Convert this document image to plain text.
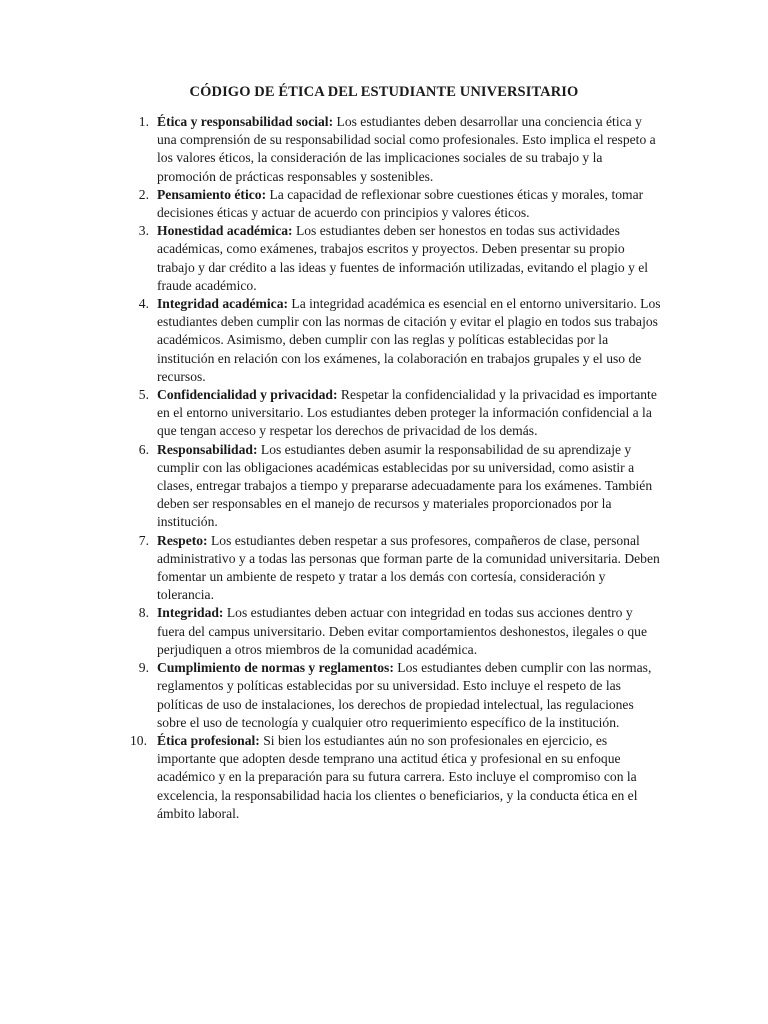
CÓDIGO DE ÉTICA DEL ESTUDIANTE UNIVERSITARIO
1. Ética y responsabilidad social: Los estudiantes deben desarrollar una conciencia ética y una comprensión de su responsabilidad social como profesionales. Esto implica el respeto a los valores éticos, la consideración de las implicaciones sociales de su trabajo y la promoción de prácticas responsables y sostenibles.
2. Pensamiento ético: La capacidad de reflexionar sobre cuestiones éticas y morales, tomar decisiones éticas y actuar de acuerdo con principios y valores éticos.
3. Honestidad académica: Los estudiantes deben ser honestos en todas sus actividades académicas, como exámenes, trabajos escritos y proyectos. Deben presentar su propio trabajo y dar crédito a las ideas y fuentes de información utilizadas, evitando el plagio y el fraude académico.
4. Integridad académica: La integridad académica es esencial en el entorno universitario. Los estudiantes deben cumplir con las normas de citación y evitar el plagio en todos sus trabajos académicos. Asimismo, deben cumplir con las reglas y políticas establecidas por la institución en relación con los exámenes, la colaboración en trabajos grupales y el uso de recursos.
5. Confidencialidad y privacidad: Respetar la confidencialidad y la privacidad es importante en el entorno universitario. Los estudiantes deben proteger la información confidencial a la que tengan acceso y respetar los derechos de privacidad de los demás.
6. Responsabilidad: Los estudiantes deben asumir la responsabilidad de su aprendizaje y cumplir con las obligaciones académicas establecidas por su universidad, como asistir a clases, entregar trabajos a tiempo y prepararse adecuadamente para los exámenes. También deben ser responsables en el manejo de recursos y materiales proporcionados por la institución.
7. Respeto: Los estudiantes deben respetar a sus profesores, compañeros de clase, personal administrativo y a todas las personas que forman parte de la comunidad universitaria. Deben fomentar un ambiente de respeto y tratar a los demás con cortesía, consideración y tolerancia.
8. Integridad: Los estudiantes deben actuar con integridad en todas sus acciones dentro y fuera del campus universitario. Deben evitar comportamientos deshonestos, ilegales o que perjudiquen a otros miembros de la comunidad académica.
9. Cumplimiento de normas y reglamentos: Los estudiantes deben cumplir con las normas, reglamentos y políticas establecidas por su universidad. Esto incluye el respeto de las políticas de uso de instalaciones, los derechos de propiedad intelectual, las regulaciones sobre el uso de tecnología y cualquier otro requerimiento específico de la institución.
10. Ética profesional: Si bien los estudiantes aún no son profesionales en ejercicio, es importante que adopten desde temprano una actitud ética y profesional en su enfoque académico y en la preparación para su futura carrera. Esto incluye el compromiso con la excelencia, la responsabilidad hacia los clientes o beneficiarios, y la conducta ética en el ámbito laboral.
